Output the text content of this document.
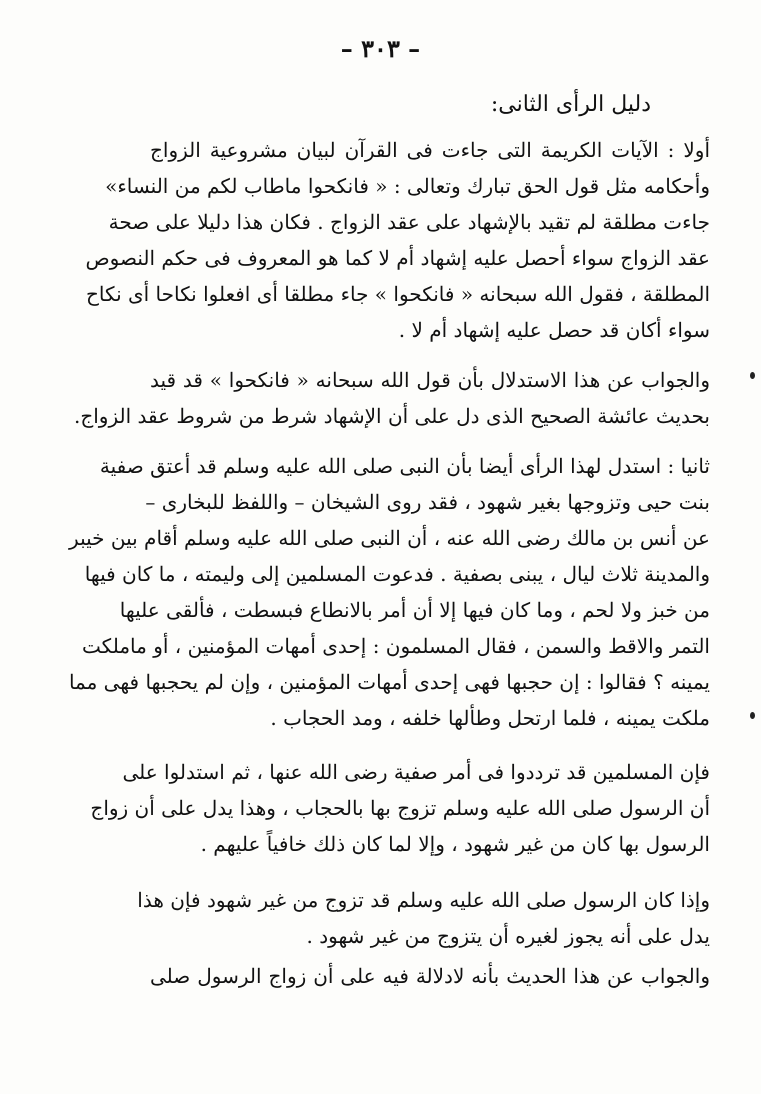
– ٣٠٣ –
دليل الرأى الثانى:
أولا : الآيات الكريمة التى جاءت فى القرآن لبيان مشروعية الزواج
وأحكامه مثل قول الحق تبارك وتعالى : « فانكحوا ماطاب لكم من النساء»
جاءت مطلقة لم تقيد بالإشهاد على عقد الزواج . فكان هذا دليلا على صحة
عقد الزواج سواء أحصل عليه إشهاد أم لا كما هو المعروف فى حكم النصوص
المطلقة ، فقول الله سبحانه « فانكحوا » جاء مطلقا أى افعلوا نكاحا أى نكاح
سواء أكان قد حصل عليه إشهاد أم لا .
والجواب عن هذا الاستدلال بأن قول الله سبحانه « فانكحوا » قد قيد
بحديث عائشة الصحيح الذى دل على أن الإشهاد شرط من شروط عقد الزواج.
ثانيا : استدل لهذا الرأى أيضا بأن النبى صلى الله عليه وسلم قد أعتق صفية
بنت حيى وتزوجها بغير شهود ، فقد روى الشيخان – واللفظ للبخارى –
عن أنس بن مالك رضى الله عنه ، أن النبى صلى الله عليه وسلم أقام بين خيبر
والمدينة ثلاث ليال ، يبنى بصفية . فدعوت المسلمين إلى وليمته ، ما كان فيها
من خبز ولا لحم ، وما كان فيها إلا أن أمر بالانطاع فبسطت ، فألقى عليها
التمر والاقط والسمن ، فقال المسلمون : إحدى أمهات المؤمنين ، أو ماملكت
يمينه ؟ فقالوا : إن حجبها فهى إحدى أمهات المؤمنين ، وإن لم يحجبها فهى مما
ملكت يمينه ، فلما ارتحل وطألها خلفه ، ومد الحجاب .
فإن المسلمين قد ترددوا فى أمر صفية رضى الله عنها ، ثم استدلوا على
أن الرسول صلى الله عليه وسلم تزوج بها بالحجاب ، وهذا يدل على أن زواج
الرسول بها كان من غير شهود ، وإلا لما كان ذلك خافياً عليهم .
وإذا كان الرسول صلى الله عليه وسلم قد تزوج من غير شهود فإن هذا
يدل على أنه يجوز لغيره أن يتزوج من غير شهود .
والجواب عن هذا الحديث بأنه لادلالة فيه على أن زواج الرسول صلى
